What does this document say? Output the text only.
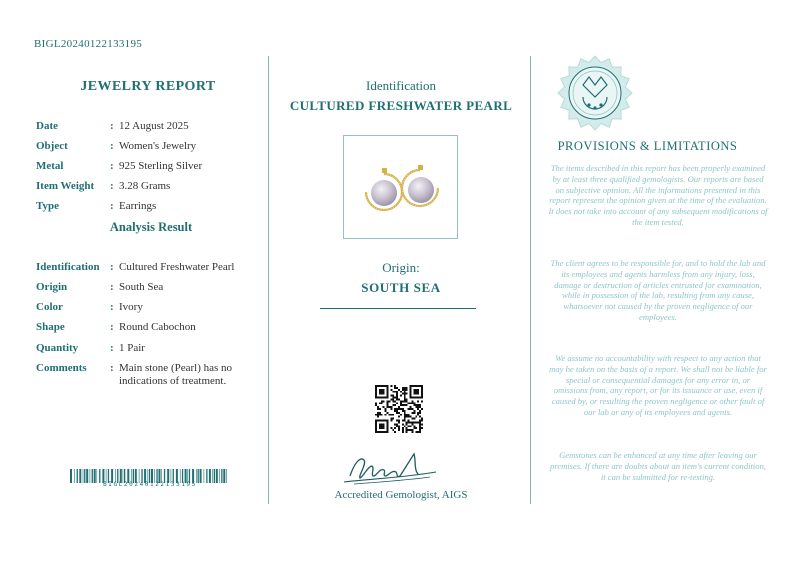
BIGL20240122133195
JEWELRY REPORT
Date	: 12 August 2025
Object	: Women's Jewelry
Metal	: 925 Sterling Silver
Item Weight	: 3.28 Grams
Type	: Earrings
Analysis Result
Identification : Cultured Freshwater Pearl
Origin	: South Sea
Color	: Ivory
Shape	: Round Cabochon
Quantity	: 1 Pair
Comments	: Main stone (Pearl) has no indications of treatment.
BIGL20240122133195
Identification
CULTURED FRESHWATER PEARL
Origin:
SOUTH SEA
Accredited Gemologist, AIGS
PROVISIONS & LIMITATIONS
The items described in this report has been properly examined by at least three qualified gemologists. Our reports are based on subjective opinion. All the informations presented in this report represent the opinion given at the time of the evaluation. It does not take into account of any subsequent modifications of the item tested.
The client agrees to be responsible for, and to hold the lab and its employees and agents harmless from any injury, loss, damage or destruction of articles entrusted for examination, while in possession of the lab, resulting from any cause, whatsoever not caused by the proven negligence of our employees.
We assume no accountability with respect to any action that may be taken on the basis of a report. We shall not be liable for special or consequential damages for any error in, or omissions from, any report, or for its issuance or use, even if caused by, or resulting the proven negligence or other fault of our lab or any of its employees and agents.
Gemstones can be enhanced at any time after leaving our premises. If there are doubts about an item's current condition, it can be submitted for re-testing.
